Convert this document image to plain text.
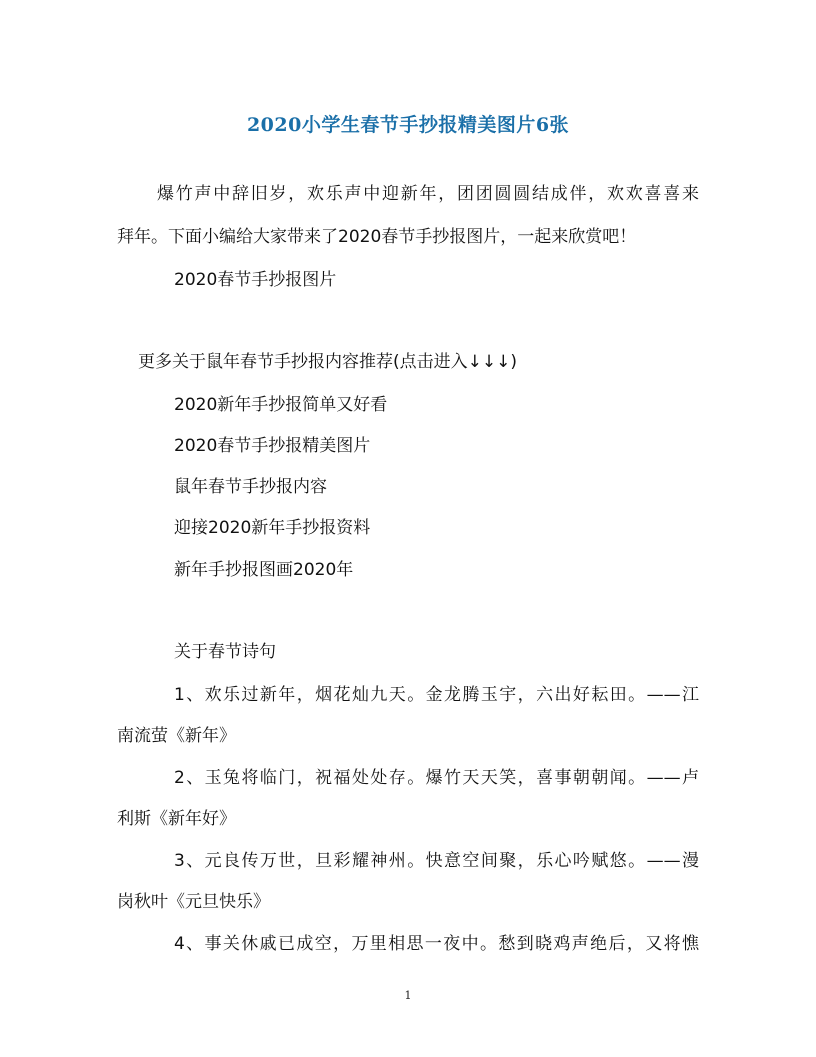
2020小学生春节手抄报精美图片6张

爆竹声中辞旧岁，欢乐声中迎新年，团团圆圆结成伴，欢欢喜喜来

拜年。下面小编给大家带来了2020春节手抄报图片，一起来欣赏吧！

2020春节手抄报图片

更多关于鼠年春节手抄报内容推荐(点击进入↓↓↓)

2020新年手抄报简单又好看
2020春节手抄报精美图片
鼠年春节手抄报内容
迎接2020新年手抄报资料
新年手抄报图画2020年

关于春节诗句

1、欢乐过新年，烟花灿九天。金龙腾玉宇，六出好耘田。——江

南流萤《新年》

2、玉兔将临门，祝福处处存。爆竹天天笑，喜事朝朝闻。——卢

利斯《新年好》

3、元良传万世，旦彩耀神州。快意空间聚，乐心吟赋悠。——漫

岗秋叶《元旦快乐》

4、事关休戚已成空，万里相思一夜中。愁到晓鸡声绝后，又将憔

1
